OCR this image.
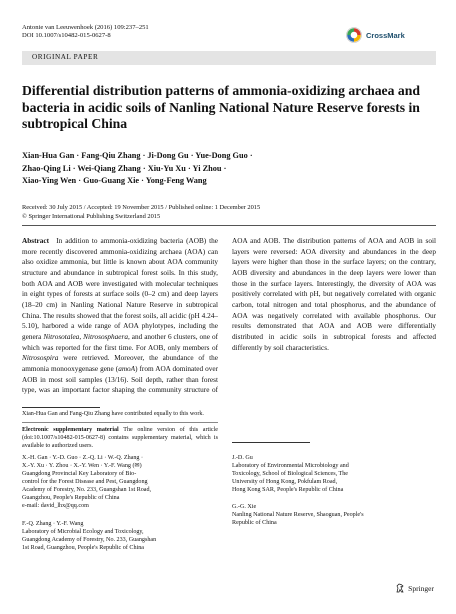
Antonie van Leeuwenhoek (2016) 109:237–251
DOI 10.1007/s10482-015-0627-8	CrossMark
ORIGINAL PAPER
Differential distribution patterns of ammonia-oxidizing archaea and bacteria in acidic soils of Nanling National Nature Reserve forests in subtropical China
Xian-Hua Gan · Fang-Qiu Zhang · Ji-Dong Gu · Yue-Dong Guo ·
Zhao-Qing Li · Wei-Qiang Zhang · Xiu-Yu Xu · Yi Zhou ·
Xiao-Ying Wen · Guo-Guang Xie · Yong-Feng Wang
Received: 30 July 2015 / Accepted: 19 November 2015 / Published online: 1 December 2015
© Springer International Publishing Switzerland 2015
Abstract  In addition to ammonia-oxidizing bacteria (AOB) the more recently discovered ammonia-oxidizing archaea (AOA) can also oxidize ammonia, but little is known about AOA community structure and abundance in subtropical forest soils. In this study, both AOA and AOB were investigated with molecular techniques in eight types of forests at surface soils (0–2 cm) and deep layers (18–20 cm) in Nanling National Nature Reserve in subtropical China. The results showed that the forest soils, all acidic (pH 4.24–5.10), harbored a wide range of AOA phylotypes, including the genera Nitrosotalea, Nitrososphaera, and another 6 clusters, one of which was reported for the first time. For AOB, only members of Nitrosospira were retrieved. Moreover, the abundance of the ammonia monooxygenase gene (amoA) from AOA dominated over AOB in most soil samples (13/16). Soil depth, rather than forest type, was an important factor shaping the community structure of
AOA and AOB. The distribution patterns of AOA and AOB in soil layers were reversed: AOA diversity and abundances in the deep layers were higher than those in the surface layers; on the contrary, AOB diversity and abundances in the deep layers were lower than those in the surface layers. Interestingly, the diversity of AOA was positively correlated with pH, but negatively correlated with organic carbon, total nitrogen and total phosphorus, and the abundance of AOA was negatively correlated with available phosphorus. Our results demonstrated that AOA and AOB were differentially distributed in acidic soils in subtropical forests and affected differently by soil characteristics.
Xian-Hua Gan and Fang-Qiu Zhang have contributed equally to this work.
Electronic supplementary material The online version of this article (doi:10.1007/s10482-015-0627-8) contains supplementary material, which is available to authorized users.
X.-H. Gan · Y.-D. Guo · Z.-Q. Li · W.-Q. Zhang ·
X.-Y. Xu · Y. Zhou · X.-Y. Wen · Y.-F. Wang (✉)
Guangdong Provincial Key Laboratory of Bio-
control for the Forest Disease and Pest, Guangdong
Academy of Forestry, No. 233, Guangshan 1st Road,
Guangzhou, People's Republic of China
e-mail: david_lhx@qq.com
F.-Q. Zhang · Y.-F. Wang
Laboratory of Microbial Ecology and Toxicology,
Guangdong Academy of Forestry, No. 233, Guangshan
1st Road, Guangzhou, People's Republic of China
J.-D. Gu
Laboratory of Environmental Microbiology and
Toxicology, School of Biological Sciences, The
University of Hong Kong, Pokfulam Road,
Hong Kong SAR, People's Republic of China
G.-G. Xie
Nanling National Nature Reserve, Shaoguan, People's
Republic of China
Springer
